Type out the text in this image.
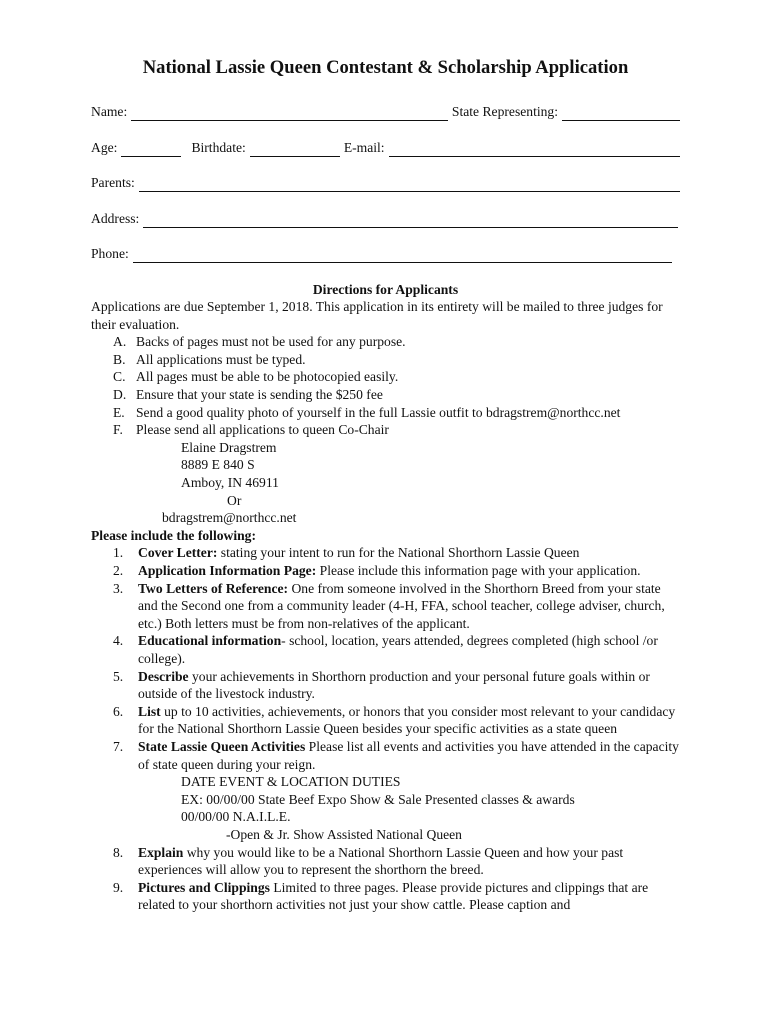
National Lassie Queen Contestant & Scholarship Application
Name:	State Representing:
Age:	Birthdate:	E-mail:
Parents:
Address:
Phone:
Directions for Applicants

Applications are due September 1, 2018. This application in its entirety will be mailed to three judges for their evaluation.

A. Backs of pages must not be used for any purpose.
B. All applications must be typed.
C. All pages must be able to be photocopied easily.
D. Ensure that your state is sending the $250 fee
E. Send a good quality photo of yourself in the full Lassie outfit to bdragstrem@northcc.net
F. Please send all applications to queen Co-Chair
Elaine Dragstrem
8889 E 840 S
Amboy, IN 46911
Or
bdragstrem@northcc.net
Please include the following:
1.	Cover Letter: stating your intent to run for the National Shorthorn Lassie Queen
2.	Application Information Page: Please include this information page with your application.
3.	Two Letters of Reference: One from someone involved in the Shorthorn Breed from your state and the Second one from a community leader (4-H, FFA, school teacher, college adviser, church, etc.) Both letters must be from non-relatives of the applicant.
4.	Educational information- school, location, years attended, degrees completed (high school /or college).
5.	Describe your achievements in Shorthorn production and your personal future goals within or outside of the livestock industry.
6.	List up to 10 activities, achievements, or honors that you consider most relevant to your candidacy for the National Shorthorn Lassie Queen besides your specific activities as a state queen
7.	State Lassie Queen Activities Please list all events and activities you have attended in the capacity of state queen during your reign.
DATE EVENT & LOCATION DUTIES
EX: 00/00/00 State Beef Expo Show & Sale Presented classes & awards
00/00/00 N.A.I.L.E.
-Open & Jr. Show Assisted National Queen
8.	Explain why you would like to be a National Shorthorn Lassie Queen and how your past experiences will allow you to represent the shorthorn the breed.
9.	Pictures and Clippings Limited to three pages. Please provide pictures and clippings that are related to your shorthorn activities not just your show cattle. Please caption and
